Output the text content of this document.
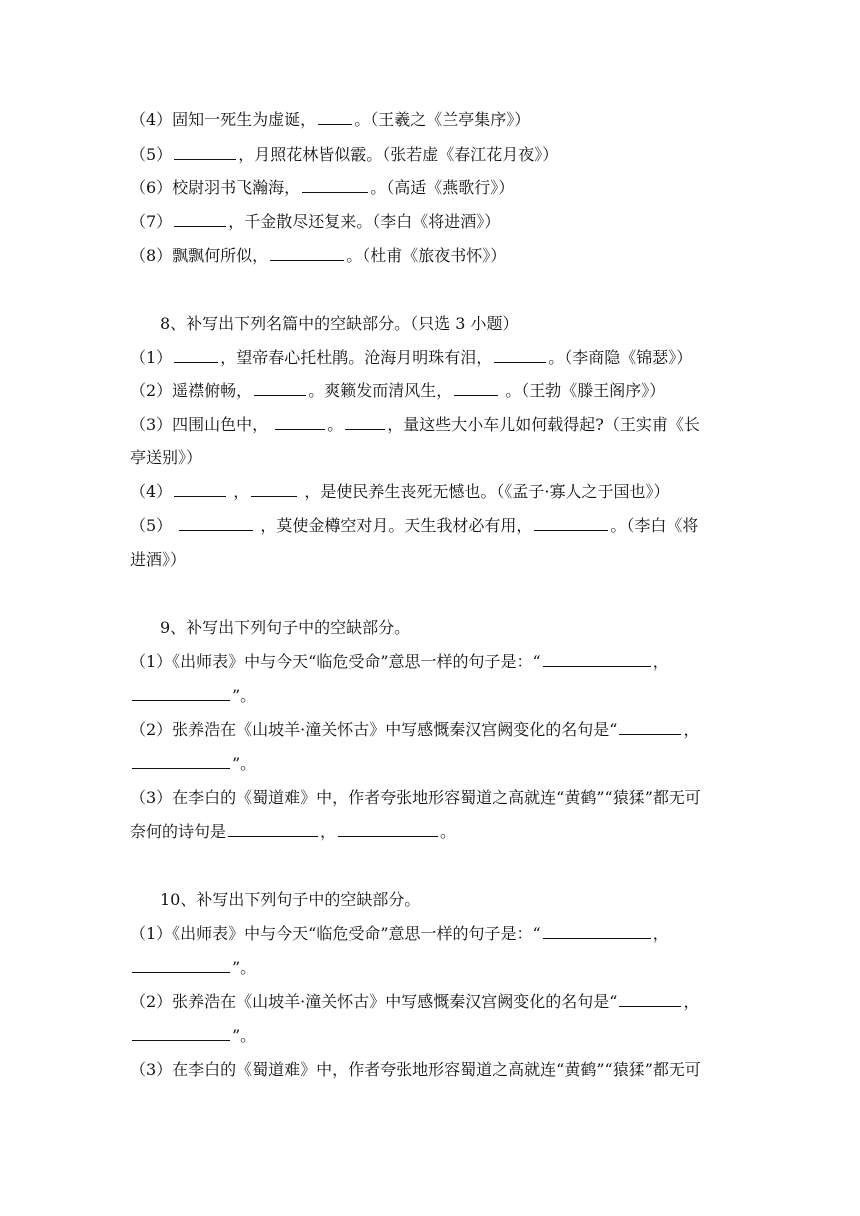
（4）固知一死生为虚诞， 。（王羲之《兰亭集序》）
（5）	，月照花林皆似霰。（张若虚《春江花月夜》）
（6）校尉羽书飞瀚海，	。（高适《燕歌行》）
（7）	，千金散尽还复来。（李白《将进酒》）
（8）飘飘何所似，	。（杜甫《旅夜书怀》）
8、补写出下列名篇中的空缺部分。（只选 3 小题）
（1）	，望帝春心托杜鹃。沧海月明珠有泪，	。（李商隐《锦瑟》）
（2）遥襟俯畅，	。爽籁发而清风生，	。（王勃《滕王阁序》）
（3）四围山色中，	。	，量这些大小车儿如何载得起?（王实甫《长
亭送别》）
（4）	，	，是使民养生丧死无憾也。（《孟子·寡人之于国也》）
（5）	，莫使金樽空对月。天生我材必有用，	。（李白《将
进酒》）
9、补写出下列句子中的空缺部分。
（1）《出师表》中与今天“临危受命”意思一样的句子是：“	，
”。
（2）张养浩在《山坡羊·潼关怀古》中写感慨秦汉宫阙变化的名句是“	，
”。
（3）在李白的《蜀道难》中，作者夸张地形容蜀道之高就连“黄鹤”“猿猱”都无可
奈何的诗句是	，	。
10、补写出下列句子中的空缺部分。
（1）《出师表》中与今天“临危受命”意思一样的句子是：“	，
”。
（2）张养浩在《山坡羊·潼关怀古》中写感慨秦汉宫阙变化的名句是“	，
”。
（3）在李白的《蜀道难》中，作者夸张地形容蜀道之高就连“黄鹤”“猿猱”都无可
